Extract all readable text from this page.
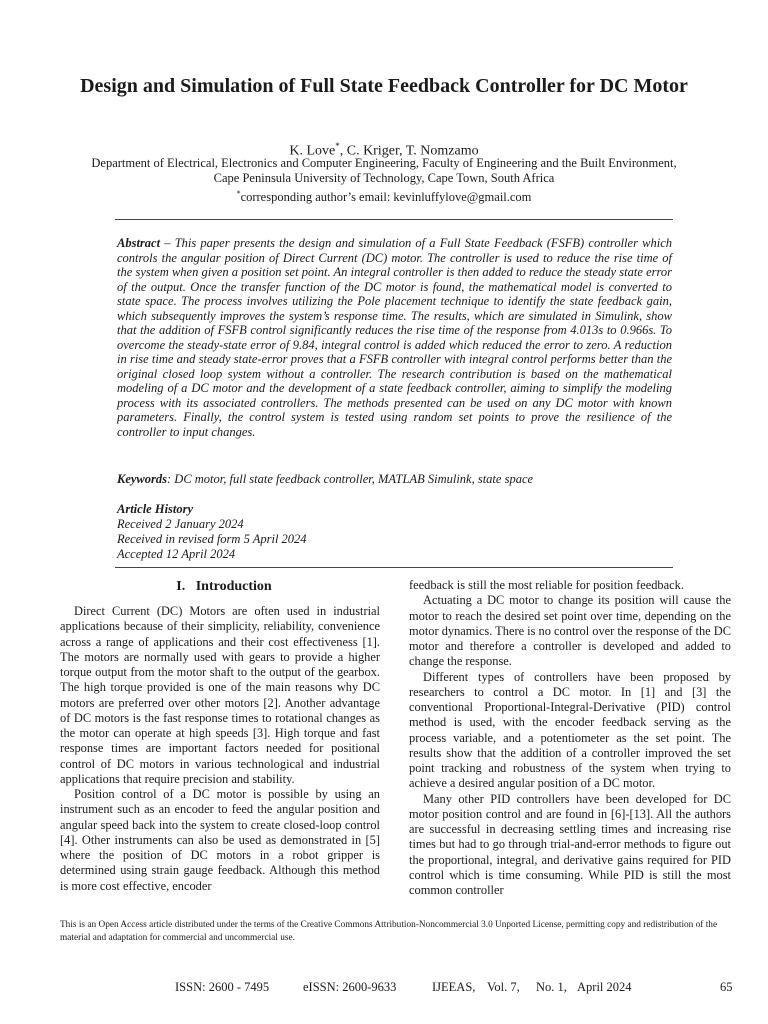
Design and Simulation of Full State Feedback Controller for DC Motor
K. Love*, C. Kriger, T. Nomzamo
Department of Electrical, Electronics and Computer Engineering, Faculty of Engineering and the Built Environment,
Cape Peninsula University of Technology, Cape Town, South Africa
*corresponding author’s email: kevinluffylove@gmail.com

Abstract – This paper presents the design and simulation of a Full State Feedback (FSFB) controller which controls the angular position of Direct Current (DC) motor. The controller is used to reduce the rise time of the system when given a position set point. An integral controller is then added to reduce the steady state error of the output. Once the transfer function of the DC motor is found, the mathematical model is converted to state space. The process involves utilizing the Pole placement technique to identify the state feedback gain, which subsequently improves the system’s response time. The results, which are simulated in Simulink, show that the addition of FSFB control significantly reduces the rise time of the response from 4.013s to 0.966s. To overcome the steady-state error of 9.84, integral control is added which reduced the error to zero. A reduction in rise time and steady state-error proves that a FSFB controller with integral control performs better than the original closed loop system without a controller. The research contribution is based on the mathematical modeling of a DC motor and the development of a state feedback controller, aiming to simplify the modeling process with its associated controllers. The methods presented can be used on any DC motor with known parameters. Finally, the control system is tested using random set points to prove the resilience of the controller to input changes.

Keywords: DC motor, full state feedback controller, MATLAB Simulink, state space

Article History
Received 2 January 2024
Received in revised form 5 April 2024
Accepted 12 April 2024
I. Introduction

Direct Current (DC) Motors are often used in industrial applications because of their simplicity, reliability, convenience across a range of applications and their cost effectiveness [1]. The motors are normally used with gears to provide a higher torque output from the motor shaft to the output of the gearbox. The high torque provided is one of the main reasons why DC motors are preferred over other motors [2]. Another advantage of DC motors is the fast response times to rotational changes as the motor can operate at high speeds [3]. High torque and fast response times are important factors needed for positional control of DC motors in various technological and industrial applications that require precision and stability.

Position control of a DC motor is possible by using an instrument such as an encoder to feed the angular position and angular speed back into the system to create closed-loop control [4]. Other instruments can also be used as demonstrated in [5] where the position of DC motors in a robot gripper is determined using strain gauge feedback. Although this method is more cost effective, encoder

feedback is still the most reliable for position feedback.

Actuating a DC motor to change its position will cause the motor to reach the desired set point over time, depending on the motor dynamics. There is no control over the response of the DC motor and therefore a controller is developed and added to change the response.

Different types of controllers have been proposed by researchers to control a DC motor. In [1] and [3] the conventional Proportional-Integral-Derivative (PID) control method is used, with the encoder feedback serving as the process variable, and a potentiometer as the set point. The results show that the addition of a controller improved the set point tracking and robustness of the system when trying to achieve a desired angular position of a DC motor.

Many other PID controllers have been developed for DC motor position control and are found in [6]-[13]. All the authors are successful in decreasing settling times and increasing rise times but had to go through trial-and-error methods to figure out the proportional, integral, and derivative gains required for PID control which is time consuming. While PID is still the most common controller

This is an Open Access article distributed under the terms of the Creative Commons Attribution-Noncommercial 3.0 Unported License, permitting copy and redistribution of the material and adaptation for commercial and uncommercial use.

ISSN: 2600 - 7495	eISSN: 2600-9633	IJEEAS, Vol. 7, No. 1, April 2024	65
